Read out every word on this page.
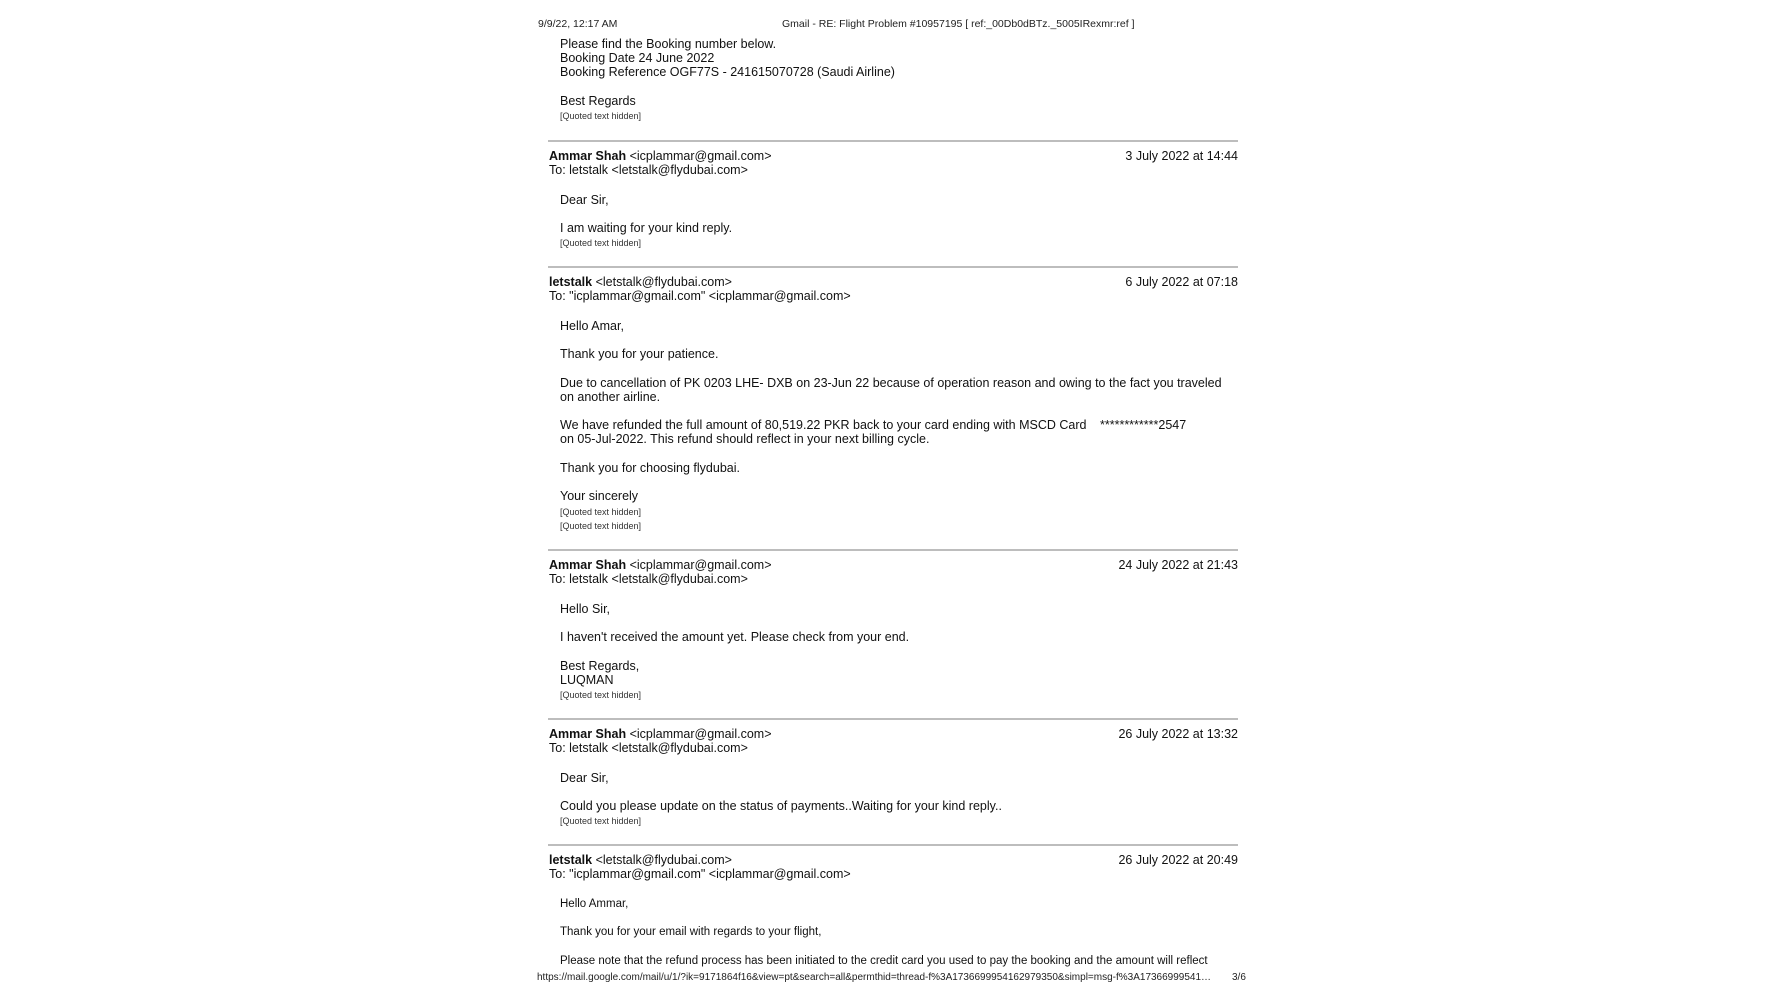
9/9/22, 12:17 AM	Gmail - RE: Flight Problem #10957195 [ ref:_00Db0dBTz._5005IRexmr:ref ]
Please find the Booking number below.
Booking Date 24 June 2022
Booking Reference OGF77S - 241615070728 (Saudi Airline)
Best Regards
[Quoted text hidden]
Ammar Shah <icplammar@gmail.com>	3 July 2022 at 14:44
To: letstalk <letstalk@flydubai.com>
Dear Sir,
I am waiting for your kind reply.
[Quoted text hidden]
letstalk <letstalk@flydubai.com>	6 July 2022 at 07:18
To: "icplammar@gmail.com" <icplammar@gmail.com>
Hello Amar,
Thank you for your patience.
Due to cancellation of PK 0203 LHE- DXB on 23-Jun 22 because of operation reason and owing to the fact you traveled
on another airline.
We have refunded the full amount of 80,519.22 PKR back to your card ending with MSCD Card ************2547
on 05-Jul-2022. This refund should reflect in your next billing cycle.
Thank you for choosing flydubai.
Your sincerely
[Quoted text hidden]
[Quoted text hidden]
Ammar Shah <icplammar@gmail.com>	24 July 2022 at 21:43
To: letstalk <letstalk@flydubai.com>
Hello Sir,
I haven't received the amount yet. Please check from your end.
Best Regards,
LUQMAN
[Quoted text hidden]
Ammar Shah <icplammar@gmail.com>	26 July 2022 at 13:32
To: letstalk <letstalk@flydubai.com>
Dear Sir,
Could you please update on the status of payments..Waiting for your kind reply..
[Quoted text hidden]
letstalk <letstalk@flydubai.com>	26 July 2022 at 20:49
To: "icplammar@gmail.com" <icplammar@gmail.com>
Hello Ammar,
Thank you for your email with regards to your flight,
Please note that the refund process has been initiated to the credit card you used to pay the booking and the amount will reflect
https://mail.google.com/mail/u/1/?ik=9171864f16&view=pt&search=all&permthid=thread-f%3A1736699954162979350&simpl=msg-f%3A17366999541… 3/6
